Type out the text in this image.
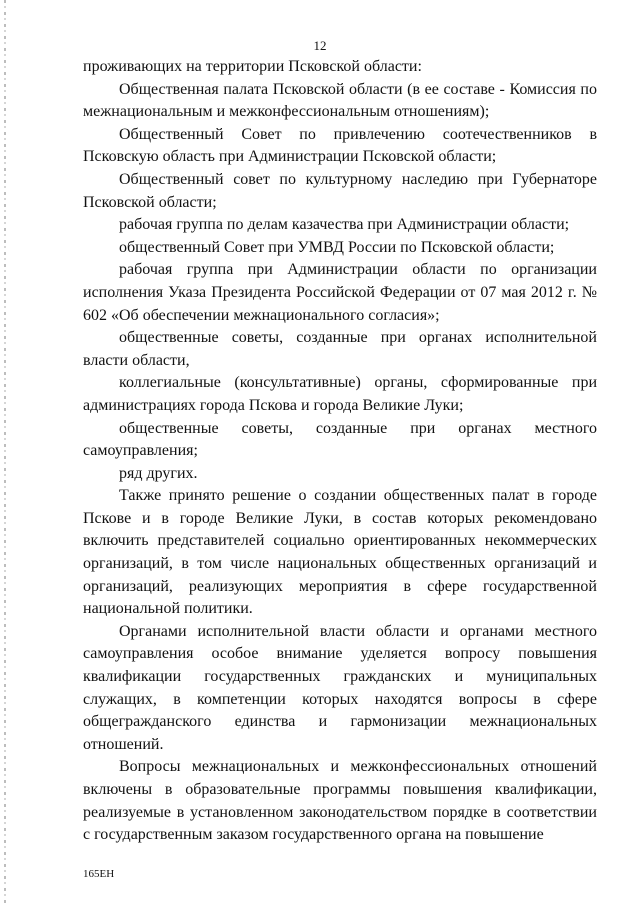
12

проживающих на территории Псковской области:

Общественная палата Псковской области (в ее составе - Комиссия по межнациональным и межконфессиональным отношениям);

Общественный Совет по привлечению соотечественников в Псковскую область при Администрации Псковской области;

Общественный совет по культурному наследию при Губернаторе Псковской области;

рабочая группа по делам казачества при Администрации области;

общественный Совет при УМВД России по Псковской области;

рабочая группа при Администрации области по организации исполнения Указа Президента Российской Федерации от 07 мая 2012 г. № 602 «Об обеспечении межнационального согласия»;

общественные советы, созданные при органах исполнительной власти области,

коллегиальные (консультативные) органы, сформированные при администрациях города Пскова и города Великие Луки;

общественные советы, созданные при органах местного самоуправления;

ряд других.

Также принято решение о создании общественных палат в городе Пскове и в городе Великие Луки, в состав которых рекомендовано включить представителей социально ориентированных некоммерческих организаций, в том числе национальных общественных организаций и организаций, реализующих мероприятия в сфере государственной национальной политики.

Органами исполнительной власти области и органами местного самоуправления особое внимание уделяется вопросу повышения квалификации государственных гражданских и муниципальных служащих, в компетенции которых находятся вопросы в сфере общегражданского единства и гармонизации межнациональных отношений.

Вопросы межнациональных и межконфессиональных отношений включены в образовательные программы повышения квалификации, реализуемые в установленном законодательством порядке в соответствии с государственным заказом государственного органа на повышение

165EH
